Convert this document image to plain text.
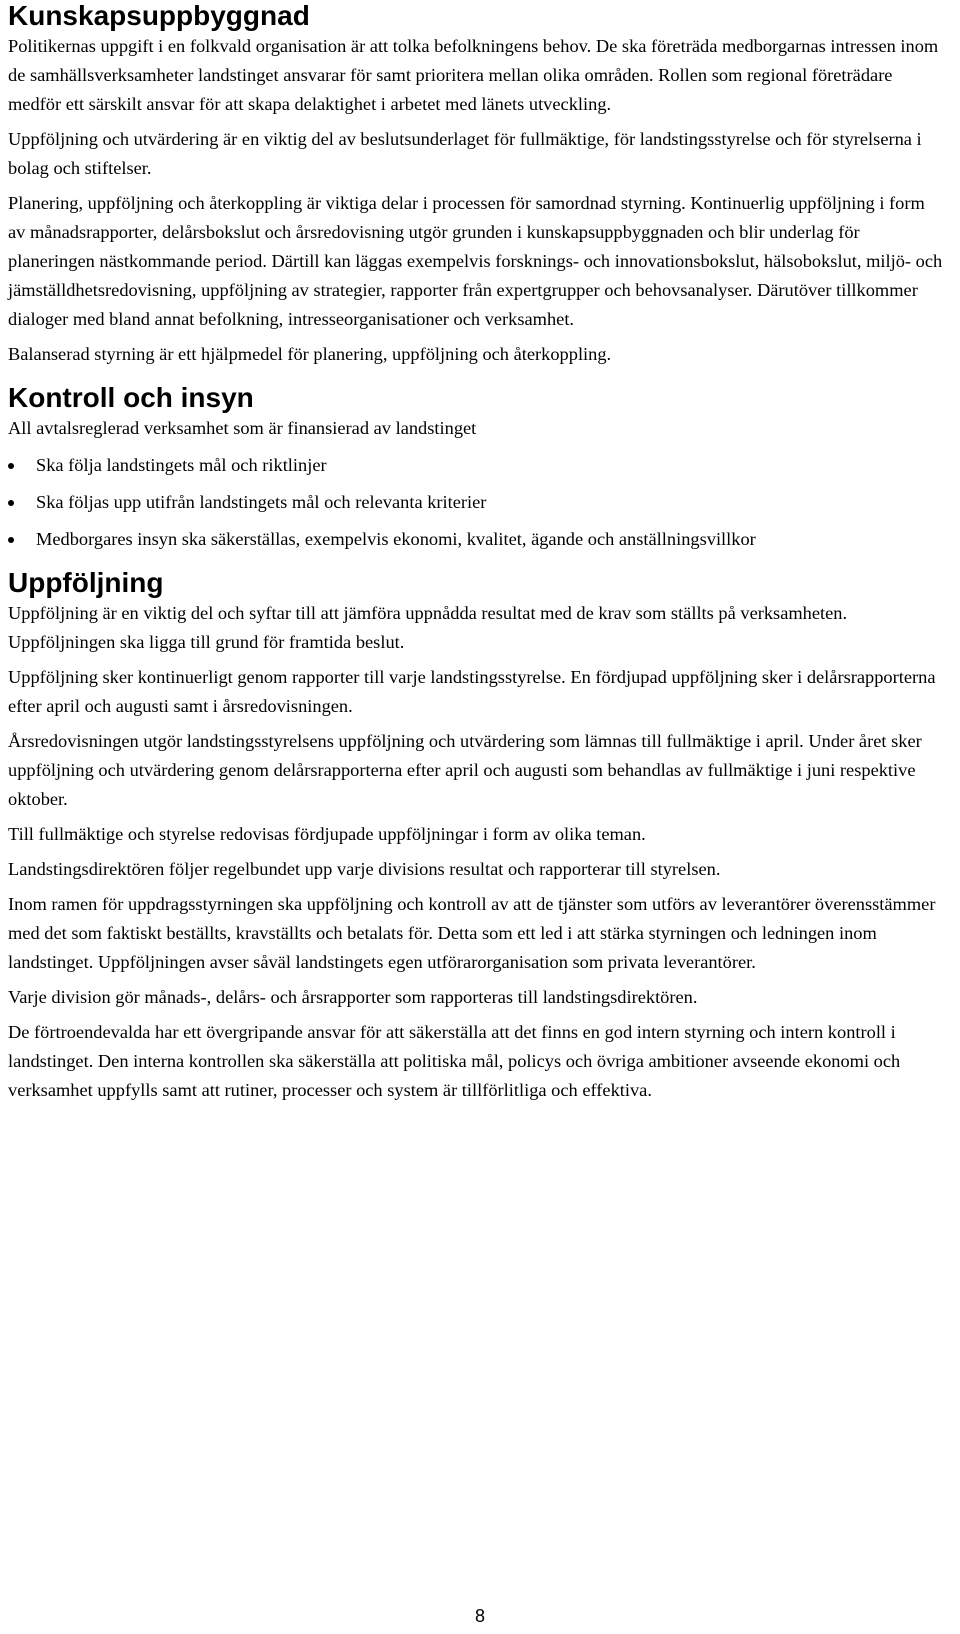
Kunskapsuppbyggnad

Politikernas uppgift i en folkvald organisation är att tolka befolkningens behov. De ska företräda medborgarnas intressen inom de samhällsverksamheter landstinget ansvarar för samt prioritera mellan olika områden. Rollen som regional företrädare medför ett särskilt ansvar för att skapa delaktighet i arbetet med länets utveckling.

Uppföljning och utvärdering är en viktig del av beslutsunderlaget för fullmäktige, för landstingsstyrelse och för styrelserna i bolag och stiftelser.

Planering, uppföljning och återkoppling är viktiga delar i processen för samordnad styrning. Kontinuerlig uppföljning i form av månadsrapporter, delårsbokslut och årsredovisning utgör grunden i kunskapsuppbyggnaden och blir underlag för planeringen nästkommande period. Därtill kan läggas exempelvis forsknings- och innovationsbokslut, hälsobokslut, miljö- och jämställdhetsredovisning, uppföljning av strategier, rapporter från expertgrupper och behovsanalyser. Därutöver tillkommer dialoger med bland annat befolkning, intresseorganisationer och verksamhet.

Balanserad styrning är ett hjälpmedel för planering, uppföljning och återkoppling.

Kontroll och insyn

All avtalsreglerad verksamhet som är finansierad av landstinget

Ska följa landstingets mål och riktlinjer
Ska följas upp utifrån landstingets mål och relevanta kriterier
Medborgares insyn ska säkerställas, exempelvis ekonomi, kvalitet, ägande och anställningsvillkor
Uppföljning

Uppföljning är en viktig del och syftar till att jämföra uppnådda resultat med de krav som ställts på verksamheten. Uppföljningen ska ligga till grund för framtida beslut.

Uppföljning sker kontinuerligt genom rapporter till varje landstingsstyrelse. En fördjupad uppföljning sker i delårsrapporterna efter april och augusti samt i årsredovisningen.

Årsredovisningen utgör landstingsstyrelsens uppföljning och utvärdering som lämnas till fullmäktige i april. Under året sker uppföljning och utvärdering genom delårsrapporterna efter april och augusti som behandlas av fullmäktige i juni respektive oktober.

Till fullmäktige och styrelse redovisas fördjupade uppföljningar i form av olika teman.

Landstingsdirektören följer regelbundet upp varje divisions resultat och rapporterar till styrelsen.

Inom ramen för uppdragsstyrningen ska uppföljning och kontroll av att de tjänster som utförs av leverantörer överensstämmer med det som faktiskt beställts, kravställts och betalats för. Detta som ett led i att stärka styrningen och ledningen inom landstinget. Uppföljningen avser såväl landstingets egen utförarorganisation som privata leverantörer.

Varje division gör månads-, delårs- och årsrapporter som rapporteras till landstingsdirektören.

De förtroendevalda har ett övergripande ansvar för att säkerställa att det finns en god intern styrning och intern kontroll i landstinget. Den interna kontrollen ska säkerställa att politiska mål, policys och övriga ambitioner avseende ekonomi och verksamhet uppfylls samt att rutiner, processer och system är tillförlitliga och effektiva.

8
